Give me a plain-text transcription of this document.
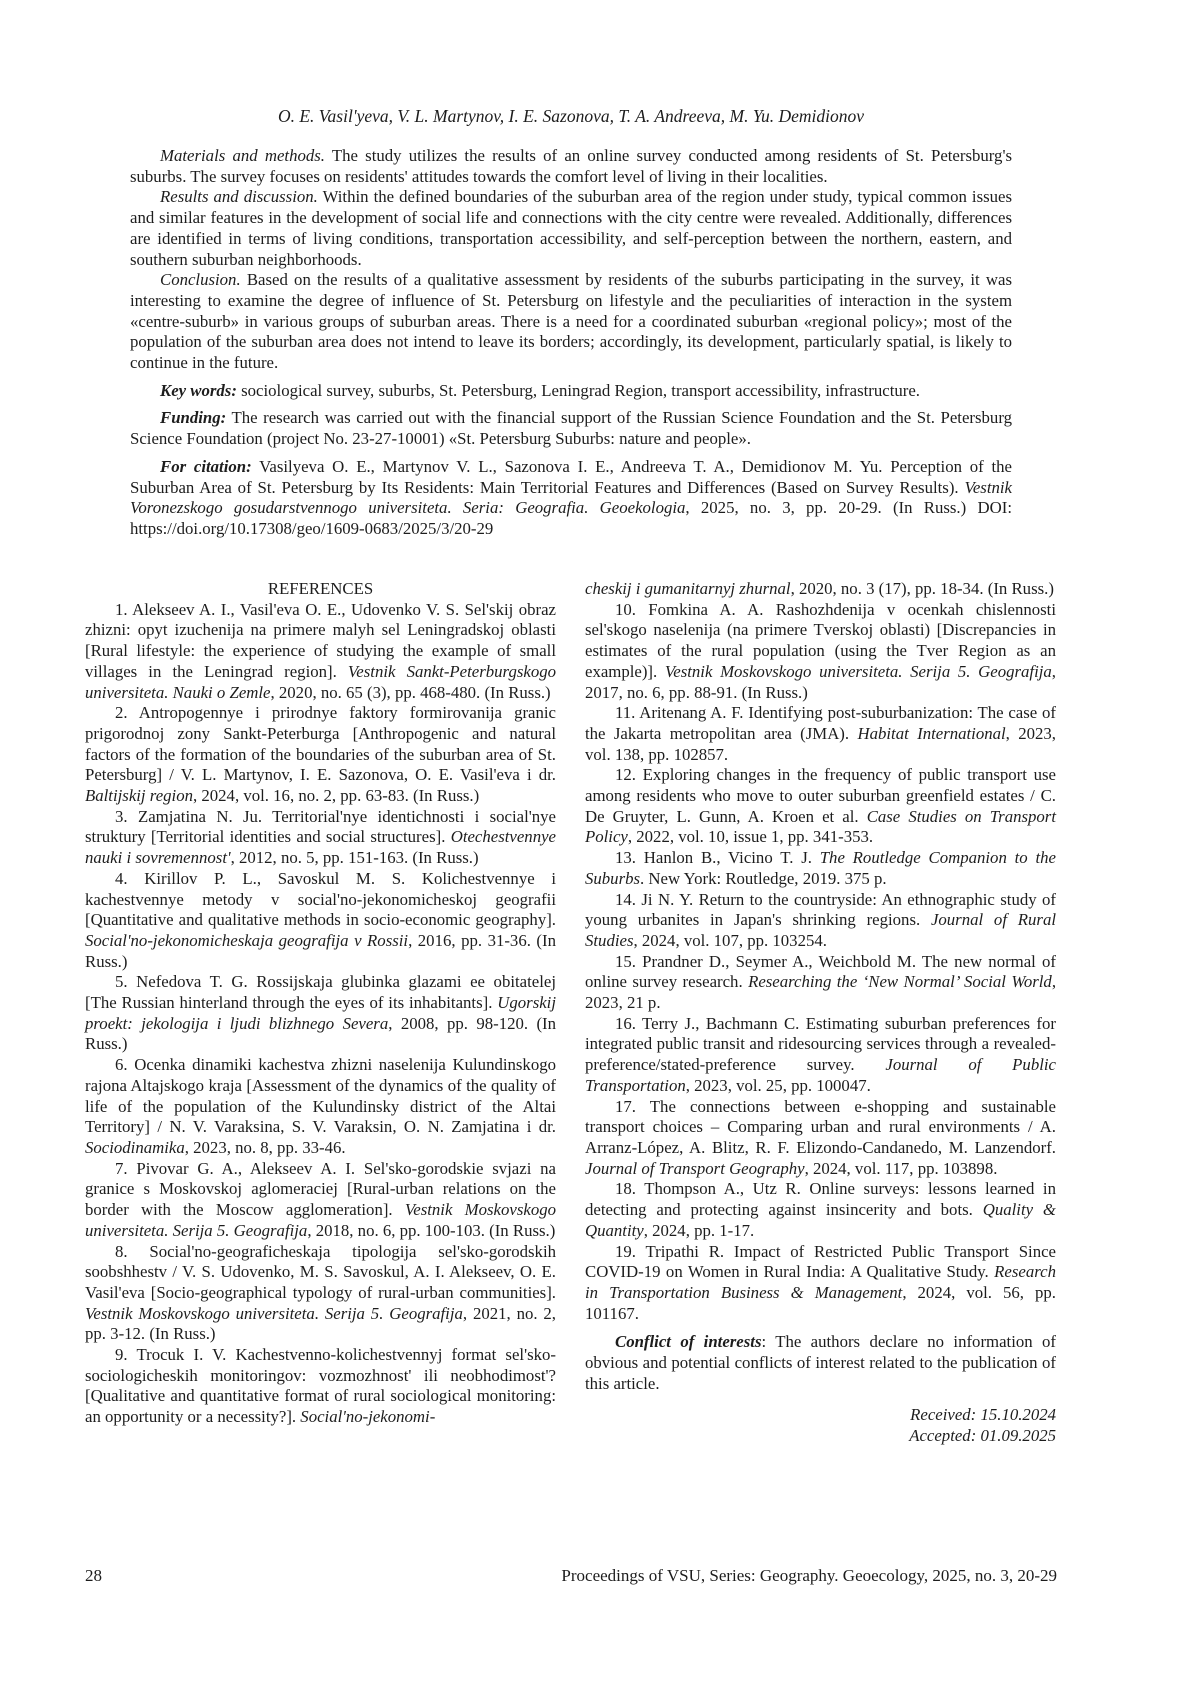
O. E. Vasil'yeva, V. L. Martynov, I. E. Sazonova, T. A. Andreeva, M. Yu. Demidionov

Materials and methods. The study utilizes the results of an online survey conducted among residents of St. Petersburg's suburbs. The survey focuses on residents' attitudes towards the comfort level of living in their localities.

Results and discussion. Within the defined boundaries of the suburban area of the region under study, typical common issues and similar features in the development of social life and connections with the city centre were revealed. Additionally, differences are identified in terms of living conditions, transportation accessibility, and self-perception between the northern, eastern, and southern suburban neighborhoods.

Conclusion. Based on the results of a qualitative assessment by residents of the suburbs participating in the survey, it was interesting to examine the degree of influence of St. Petersburg on lifestyle and the peculiarities of interaction in the system «centre-suburb» in various groups of suburban areas. There is a need for a coordinated suburban «regional policy»; most of the population of the suburban area does not intend to leave its borders; accordingly, its development, particularly spatial, is likely to continue in the future.

Key words: sociological survey, suburbs, St. Petersburg, Leningrad Region, transport accessibility, infrastructure.

Funding: The research was carried out with the financial support of the Russian Science Foundation and the St. Petersburg Science Foundation (project No. 23-27-10001) «St. Petersburg Suburbs: nature and people».

For citation: Vasilyeva O. E., Martynov V. L., Sazonova I. E., Andreeva T. A., Demidionov M. Yu. Perception of the Suburban Area of St. Petersburg by Its Residents: Main Territorial Features and Differences (Based on Survey Results). Vestnik Voronezskogo gosudarstvennogo universiteta. Seria: Geografia. Geoekologia, 2025, no. 3, pp. 20-29. (In Russ.) DOI: https://doi.org/10.17308/geo/1609-0683/2025/3/20-29

REFERENCES

1. Alekseev A. I., Vasil'eva O. E., Udovenko V. S. Sel'skij obraz zhizni: opyt izuchenija na primere malyh sel Leningradskoj oblasti [Rural lifestyle: the experience of studying the example of small villages in the Leningrad region]. Vestnik Sankt-Peterburgskogo universiteta. Nauki o Zemle, 2020, no. 65 (3), pp. 468-480. (In Russ.)

2. Antropogennye i prirodnye faktory formirovanija granic prigorodnoj zony Sankt-Peterburga [Anthropogenic and natural factors of the formation of the boundaries of the suburban area of St. Petersburg] / V. L. Martynov, I. E. Sazonova, O. E. Vasil'eva i dr. Baltijskij region, 2024, vol. 16, no. 2, pp. 63-83. (In Russ.)

3. Zamjatina N. Ju. Territorial'nye identichnosti i social'nye struktury [Territorial identities and social structures]. Otechestvennye nauki i sovremennost', 2012, no. 5, pp. 151-163. (In Russ.)

4. Kirillov P. L., Savoskul M. S. Kolichestvennye i kachestvennye metody v social'no-jekonomicheskoj geografii [Quantitative and qualitative methods in socio-economic geography]. Social'no-jekonomicheskaja geografija v Rossii, 2016, pp. 31-36. (In Russ.)

5. Nefedova T. G. Rossijskaja glubinka glazami ee obitatelej [The Russian hinterland through the eyes of its inhabitants]. Ugorskij proekt: jekologija i ljudi blizhnego Severa, 2008, pp. 98-120. (In Russ.)

6. Ocenka dinamiki kachestva zhizni naselenija Kulundinskogo rajona Altajskogo kraja [Assessment of the dynamics of the quality of life of the population of the Kulundinsky district of the Altai Territory] / N. V. Varaksina, S. V. Varaksin, O. N. Zamjatina i dr. Sociodinamika, 2023, no. 8, pp. 33-46.

7. Pivovar G. A., Alekseev A. I. Sel'sko-gorodskie svjazi na granice s Moskovskoj aglomeraciej [Rural-urban relations on the border with the Moscow agglomeration]. Vestnik Moskovskogo universiteta. Serija 5. Geografija, 2018, no. 6, pp. 100-103. (In Russ.)

8. Social'no-geograficheskaja tipologija sel'sko-gorodskih soobshhestv / V. S. Udovenko, M. S. Savoskul, A. I. Alekseev, O. E. Vasil'eva [Socio-geographical typology of rural-urban communities]. Vestnik Moskovskogo universiteta. Serija 5. Geografija, 2021, no. 2, pp. 3-12. (In Russ.)

9. Trocuk I. V. Kachestvenno-kolichestvennyj format sel'sko-sociologicheskih monitoringov: vozmozhnost' ili neobhodimost'? [Qualitative and quantitative format of rural sociological monitoring: an opportunity or a necessity?]. Social'no-jekonomi-

cheskij i gumanitarnyj zhurnal, 2020, no. 3 (17), pp. 18-34. (In Russ.)

10. Fomkina A. A. Rashozhdenija v ocenkah chislennosti sel'skogo naselenija (na primere Tverskoj oblasti) [Discrepancies in estimates of the rural population (using the Tver Region as an example)]. Vestnik Moskovskogo universiteta. Serija 5. Geografija, 2017, no. 6, pp. 88-91. (In Russ.)

11. Aritenang A. F. Identifying post-suburbanization: The case of the Jakarta metropolitan area (JMA). Habitat International, 2023, vol. 138, pp. 102857.

12. Exploring changes in the frequency of public transport use among residents who move to outer suburban greenfield estates / C. De Gruyter, L. Gunn, A. Kroen et al. Case Studies on Transport Policy, 2022, vol. 10, issue 1, pp. 341-353.

13. Hanlon B., Vicino T. J. The Routledge Companion to the Suburbs. New York: Routledge, 2019. 375 p.

14. Ji N. Y. Return to the countryside: An ethnographic study of young urbanites in Japan's shrinking regions. Journal of Rural Studies, 2024, vol. 107, pp. 103254.

15. Prandner D., Seymer A., Weichbold M. The new normal of online survey research. Researching the ‘New Normal’ Social World, 2023, 21 p.

16. Terry J., Bachmann C. Estimating suburban preferences for integrated public transit and ridesourcing services through a revealed-preference/stated-preference survey. Journal of Public Transportation, 2023, vol. 25, pp. 100047.

17. The connections between e-shopping and sustainable transport choices – Comparing urban and rural environments / A. Arranz-López, A. Blitz, R. F. Elizondo-Candanedo, M. Lanzendorf. Journal of Transport Geography, 2024, vol. 117, pp. 103898.

18. Thompson A., Utz R. Online surveys: lessons learned in detecting and protecting against insincerity and bots. Quality & Quantity, 2024, pp. 1-17.

19. Tripathi R. Impact of Restricted Public Transport Since COVID-19 on Women in Rural India: A Qualitative Study. Research in Transportation Business & Management, 2024, vol. 56, pp. 101167.

Conflict of interests: The authors declare no information of obvious and potential conflicts of interest related to the publication of this article.

Received: 15.10.2024
Accepted: 01.09.2025
28	Proceedings of VSU, Series: Geography. Geoecology, 2025, no. 3, 20-29
